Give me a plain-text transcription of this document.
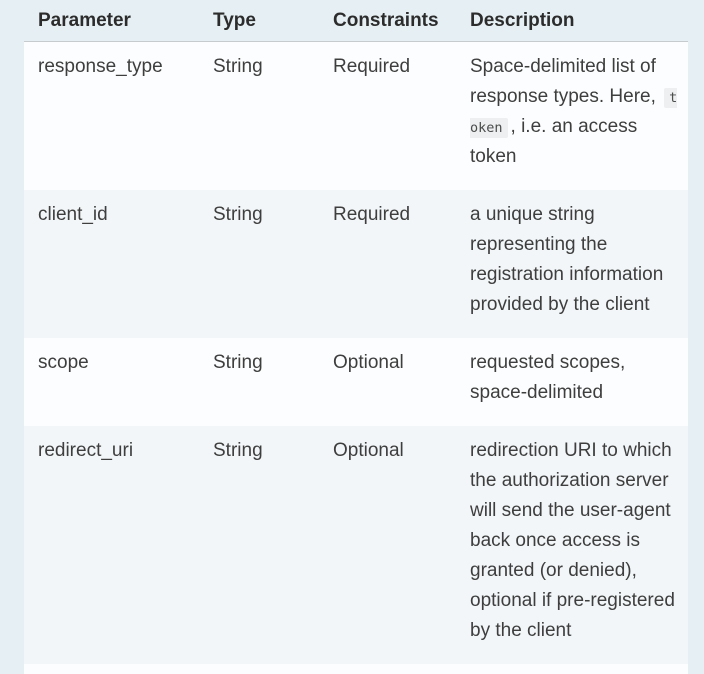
Parameter	Type	Constraints	Description
response_type	String	Required	Space-delimited list of response types. Here, token , i.e. an access token
client_id	String	Required	a unique string representing the registration information provided by the client
scope	String	Optional	requested scopes, space-delimited
redirect_uri	String	Optional	redirection URI to which the authorization server will send the user-agent back once access is granted (or denied), optional if pre-registered by the client
